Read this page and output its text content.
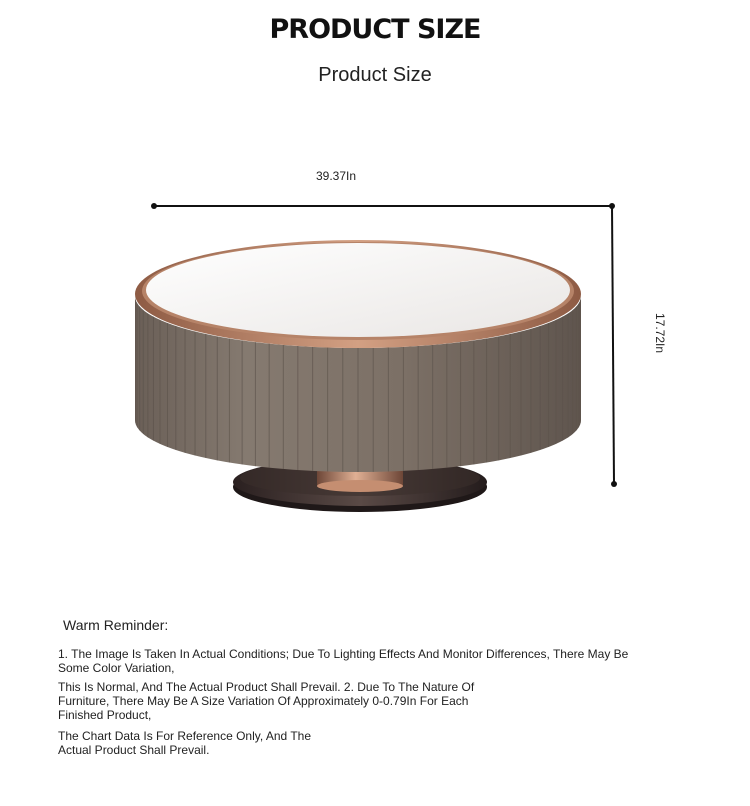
PRODUCT SIZE
Product Size
39.37In
17.72In
Warm Reminder:
1. The Image Is Taken In Actual Conditions; Due To Lighting Effects And Monitor Differences, There May Be Some Color Variation,
This Is Normal, And The Actual Product Shall Prevail. 2. Due To The Nature Of Furniture, There May Be A Size Variation Of Approximately 0-0.79In For Each Finished Product,
The Chart Data Is For Reference Only, And The Actual Product Shall Prevail.
